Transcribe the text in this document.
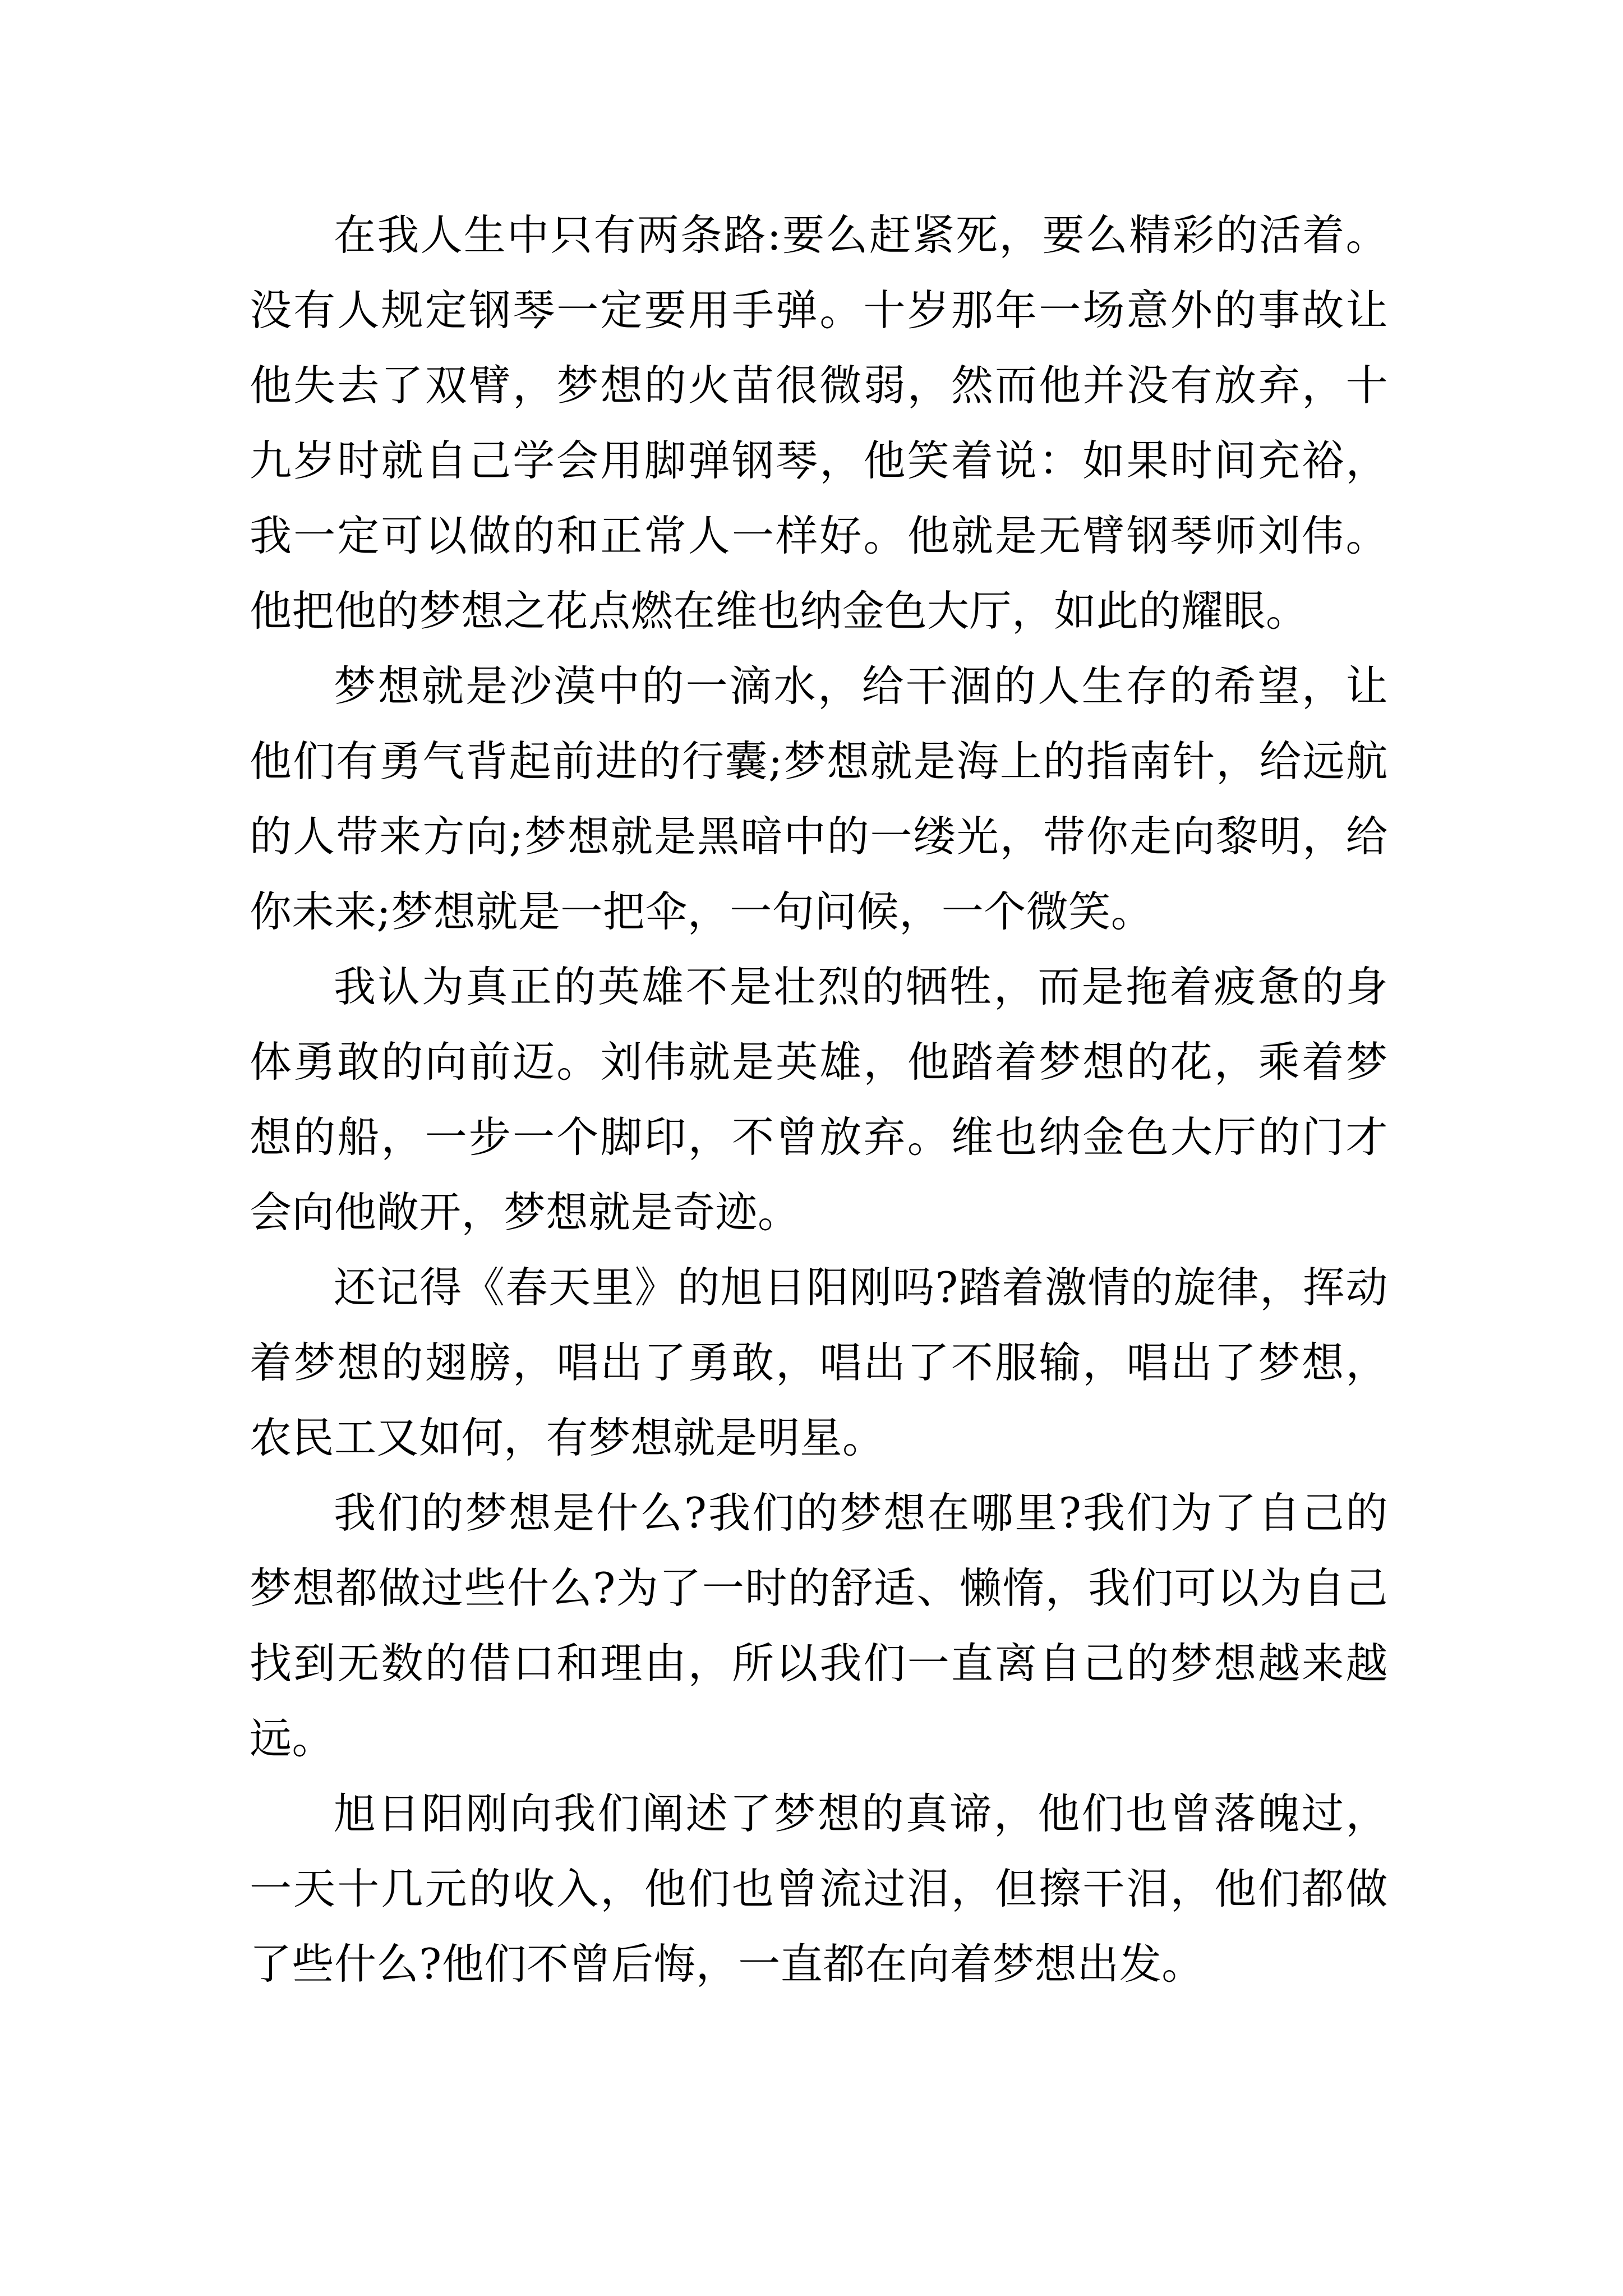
在我人生中只有两条路:要么赶紧死，要么精彩的活着。没有人规定钢琴一定要用手弹。十岁那年一场意外的事故让他失去了双臂，梦想的火苗很微弱，然而他并没有放弃，十九岁时就自己学会用脚弹钢琴，他笑着说：如果时间充裕，我一定可以做的和正常人一样好。他就是无臂钢琴师刘伟。他把他的梦想之花点燃在维也纳金色大厅，如此的耀眼。

梦想就是沙漠中的一滴水，给干涸的人生存的希望，让他们有勇气背起前进的行囊;梦想就是海上的指南针，给远航的人带来方向;梦想就是黑暗中的一缕光，带你走向黎明，给你未来;梦想就是一把伞，一句问候，一个微笑。

我认为真正的英雄不是壮烈的牺牲，而是拖着疲惫的身体勇敢的向前迈。刘伟就是英雄，他踏着梦想的花，乘着梦想的船，一步一个脚印，不曾放弃。维也纳金色大厅的门才会向他敞开，梦想就是奇迹。

还记得《春天里》的旭日阳刚吗?踏着激情的旋律，挥动着梦想的翅膀，唱出了勇敢，唱出了不服输，唱出了梦想，农民工又如何，有梦想就是明星。

我们的梦想是什么?我们的梦想在哪里?我们为了自己的梦想都做过些什么?为了一时的舒适、懒惰，我们可以为自己找到无数的借口和理由，所以我们一直离自己的梦想越来越远。

旭日阳刚向我们阐述了梦想的真谛，他们也曾落魄过，一天十几元的收入，他们也曾流过泪，但擦干泪，他们都做了些什么?他们不曾后悔，一直都在向着梦想出发。
